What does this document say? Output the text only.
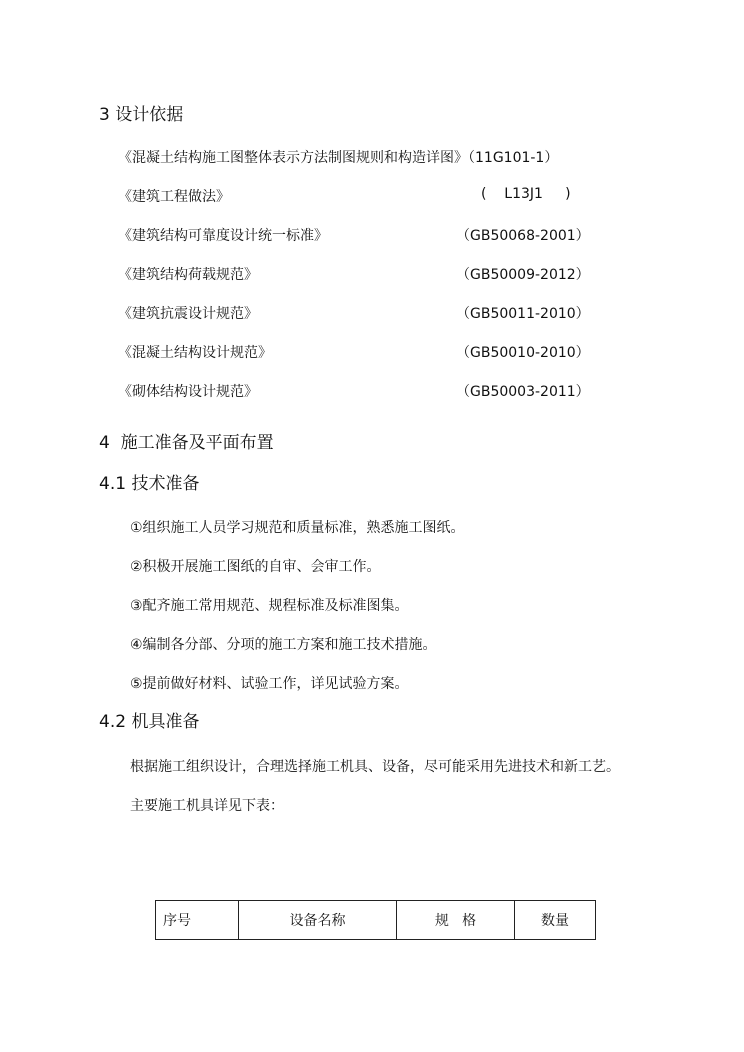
3 设计依据
《混凝土结构施工图整体表示方法制图规则和构造详图》（11G101-1）
《建筑工程做法》	(    L13J1     )
《建筑结构可靠度设计统一标准》	（GB50068-2001）
《建筑结构荷载规范》	（GB50009-2012）
《建筑抗震设计规范》	（GB50011-2010）
《混凝土结构设计规范》	（GB50010-2010）
《砌体结构设计规范》	（GB50003-2011）
4  施工准备及平面布置
4.1 技术准备
①组织施工人员学习规范和质量标准，熟悉施工图纸。
②积极开展施工图纸的自审、会审工作。
③配齐施工常用规范、规程标准及标准图集。
④编制各分部、分项的施工方案和施工技术措施。
⑤提前做好材料、试验工作，详见试验方案。
4.2 机具准备
根据施工组织设计，合理选择施工机具、设备，尽可能采用先进技术和新工艺。
主要施工机具详见下表：
序号	设备名称	规   格	数量
